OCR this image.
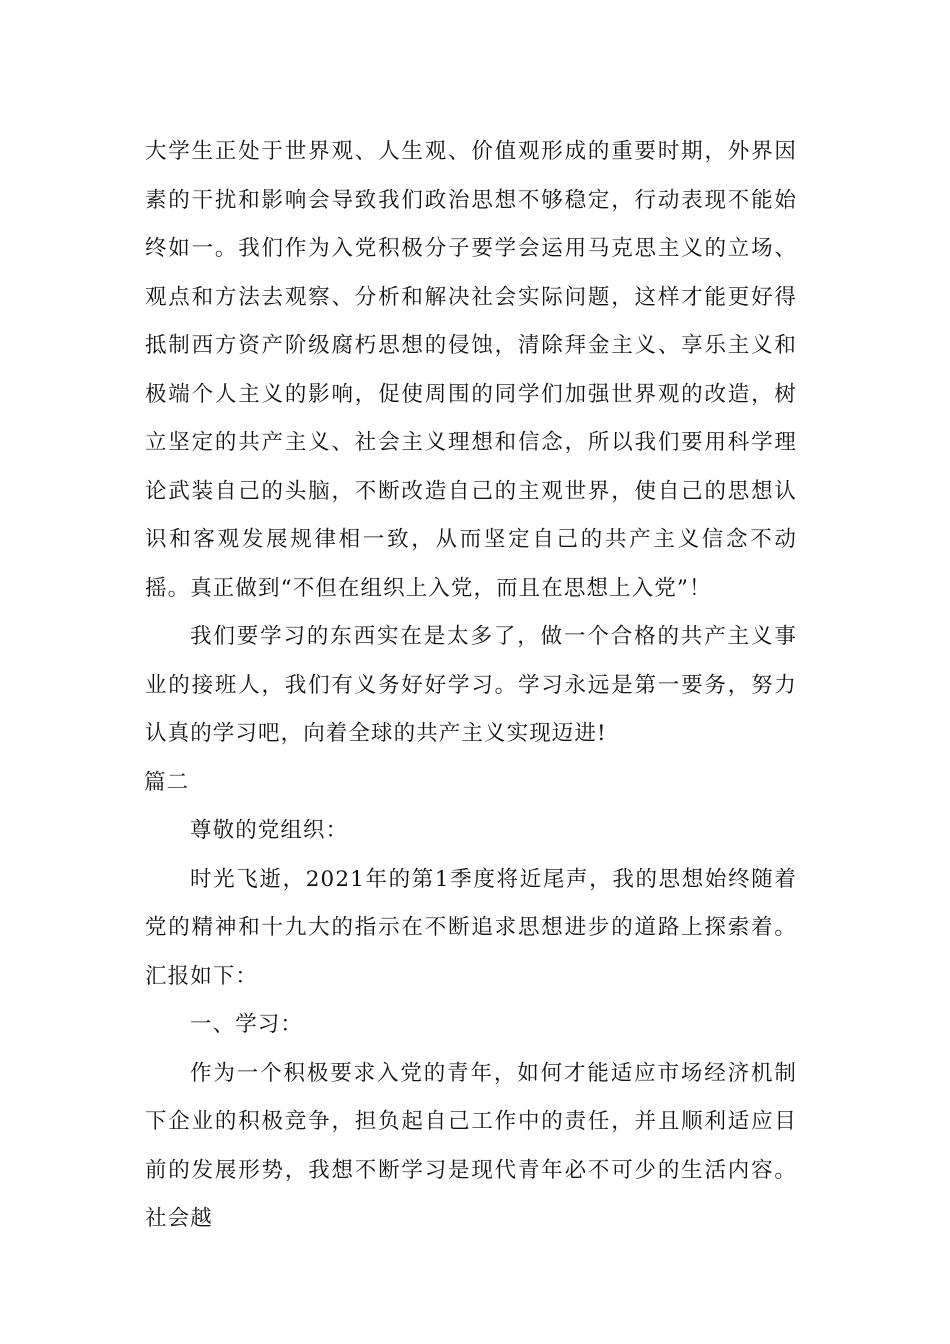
大学生正处于世界观、人生观、价值观形成的重要时期，外界因素的干扰和影响会导致我们政治思想不够稳定，行动表现不能始终如一。我们作为入党积极分子要学会运用马克思主义的立场、观点和方法去观察、分析和解决社会实际问题，这样才能更好得抵制西方资产阶级腐朽思想的侵蚀，清除拜金主义、享乐主义和极端个人主义的影响，促使周围的同学们加强世界观的改造，树立坚定的共产主义、社会主义理想和信念，所以我们要用科学理论武装自己的头脑，不断改造自己的主观世界，使自己的思想认识和客观发展规律相一致，从而坚定自己的共产主义信念不动摇。真正做到“不但在组织上入党，而且在思想上入党”！

我们要学习的东西实在是太多了，做一个合格的共产主义事业的接班人，我们有义务好好学习。学习永远是第一要务，努力认真的学习吧，向着全球的共产主义实现迈进!

篇二

尊敬的党组织：

时光飞逝，2021年的第1季度将近尾声，我的思想始终随着党的精神和十九大的指示在不断追求思想进步的道路上探索着。汇报如下：

一、学习：

作为一个积极要求入党的青年，如何才能适应市场经济机制下企业的积极竞争，担负起自己工作中的责任，并且顺利适应目前的发展形势，我想不断学习是现代青年必不可少的生活内容。社会越
